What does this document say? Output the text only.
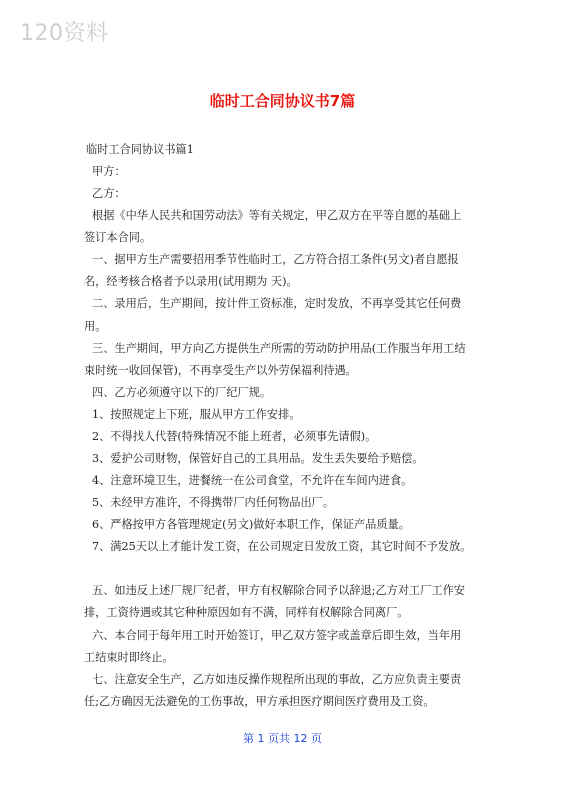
120资料
临时工合同协议书7篇
临时工合同协议书篇1
甲方：
乙方：
根据《中华人民共和国劳动法》等有关规定，甲乙双方在平等自愿的基础上
签订本合同。
一、据甲方生产需要招用季节性临时工，乙方符合招工条件(另文)者自愿报
名，经考核合格者予以录用(试用期为 天)。
二、录用后，生产期间，按计件工资标准，定时发放，不再享受其它任何费
用。
三、生产期间，甲方向乙方提供生产所需的劳动防护用品(工作服当年用工结
束时统一收回保管)，不再享受生产以外劳保福利待遇。
四、乙方必须遵守以下的厂纪厂规。
1、按照规定上下班，服从甲方工作安排。
2、不得找人代替(特殊情况不能上班者，必须事先请假)。
3、爱护公司财物，保管好自己的工具用品。发生丢失要给予赔偿。
4、注意环境卫生，进餐统一在公司食堂，不允许在车间内进食。
5、未经甲方准许，不得携带厂内任何物品出厂。
6、严格按甲方各管理规定(另文)做好本职工作，保证产品质量。
7、满25天以上才能计发工资，在公司规定日发放工资，其它时间不予发放。
五、如违反上述厂规厂纪者，甲方有权解除合同予以辞退;乙方对工厂工作安
排，工资待遇或其它种种原因如有不满，同样有权解除合同离厂。
六、本合同于每年用工时开始签订，甲乙双方签字或盖章后即生效，当年用
工结束时即终止。
七、注意安全生产，乙方如违反操作规程所出现的事故，乙方应负责主要责
任;乙方确因无法避免的工伤事故，甲方承担医疗期间医疗费用及工资。
第 1 页共 12 页
